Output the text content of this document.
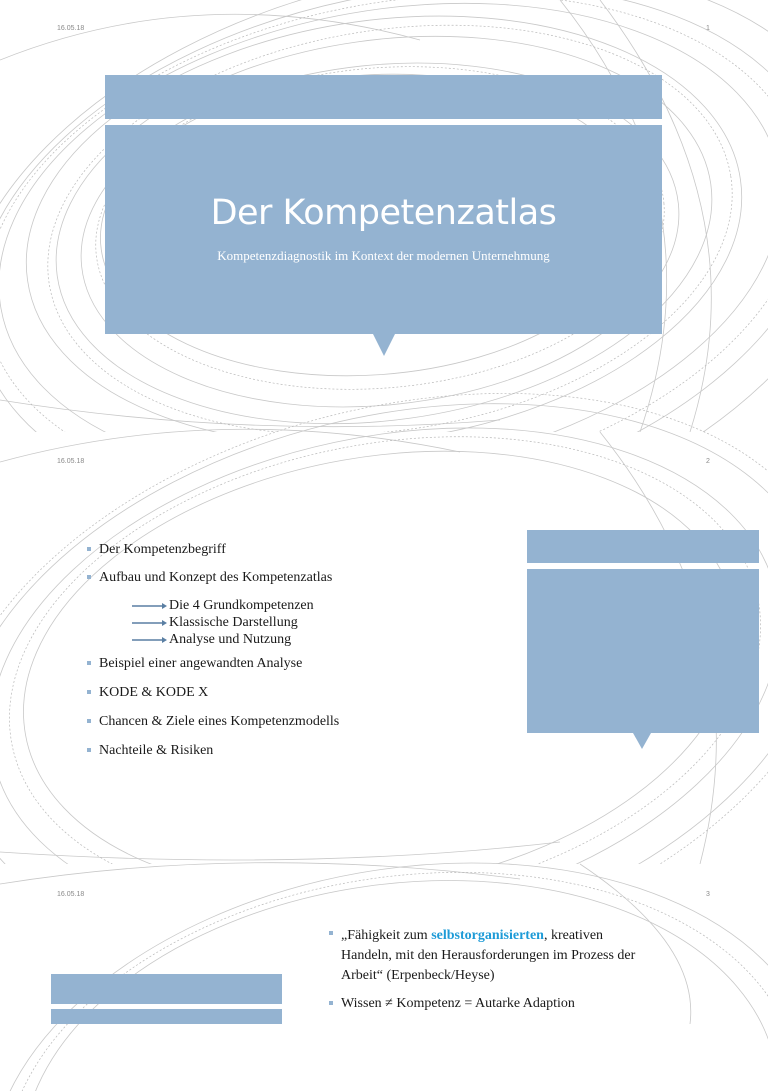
16.05.18	1
Der Kompetenzatlas
Kompetenzdiagnostik im Kontext der modernen Unternehmung
16.05.18	2
Gliederung
Der Kompetenzbegriff
Aufbau und Konzept des Kompetenzatlas
Die 4 Grundkompetenzen
Klassische Darstellung
Analyse und Nutzung
Beispiel einer angewandten Analyse
KODE & KODE X
Chancen & Ziele eines Kompetenzmodells
Nachteile & Risiken
16.05.18	3
„Fähigkeit zum selbstorganisierten, kreativen
Handeln, mit den Herausforderungen im Prozess der
Arbeit“ (Erpenbeck/Heyse)
Wissen ≠ Kompetenz = Autarke Adaption
